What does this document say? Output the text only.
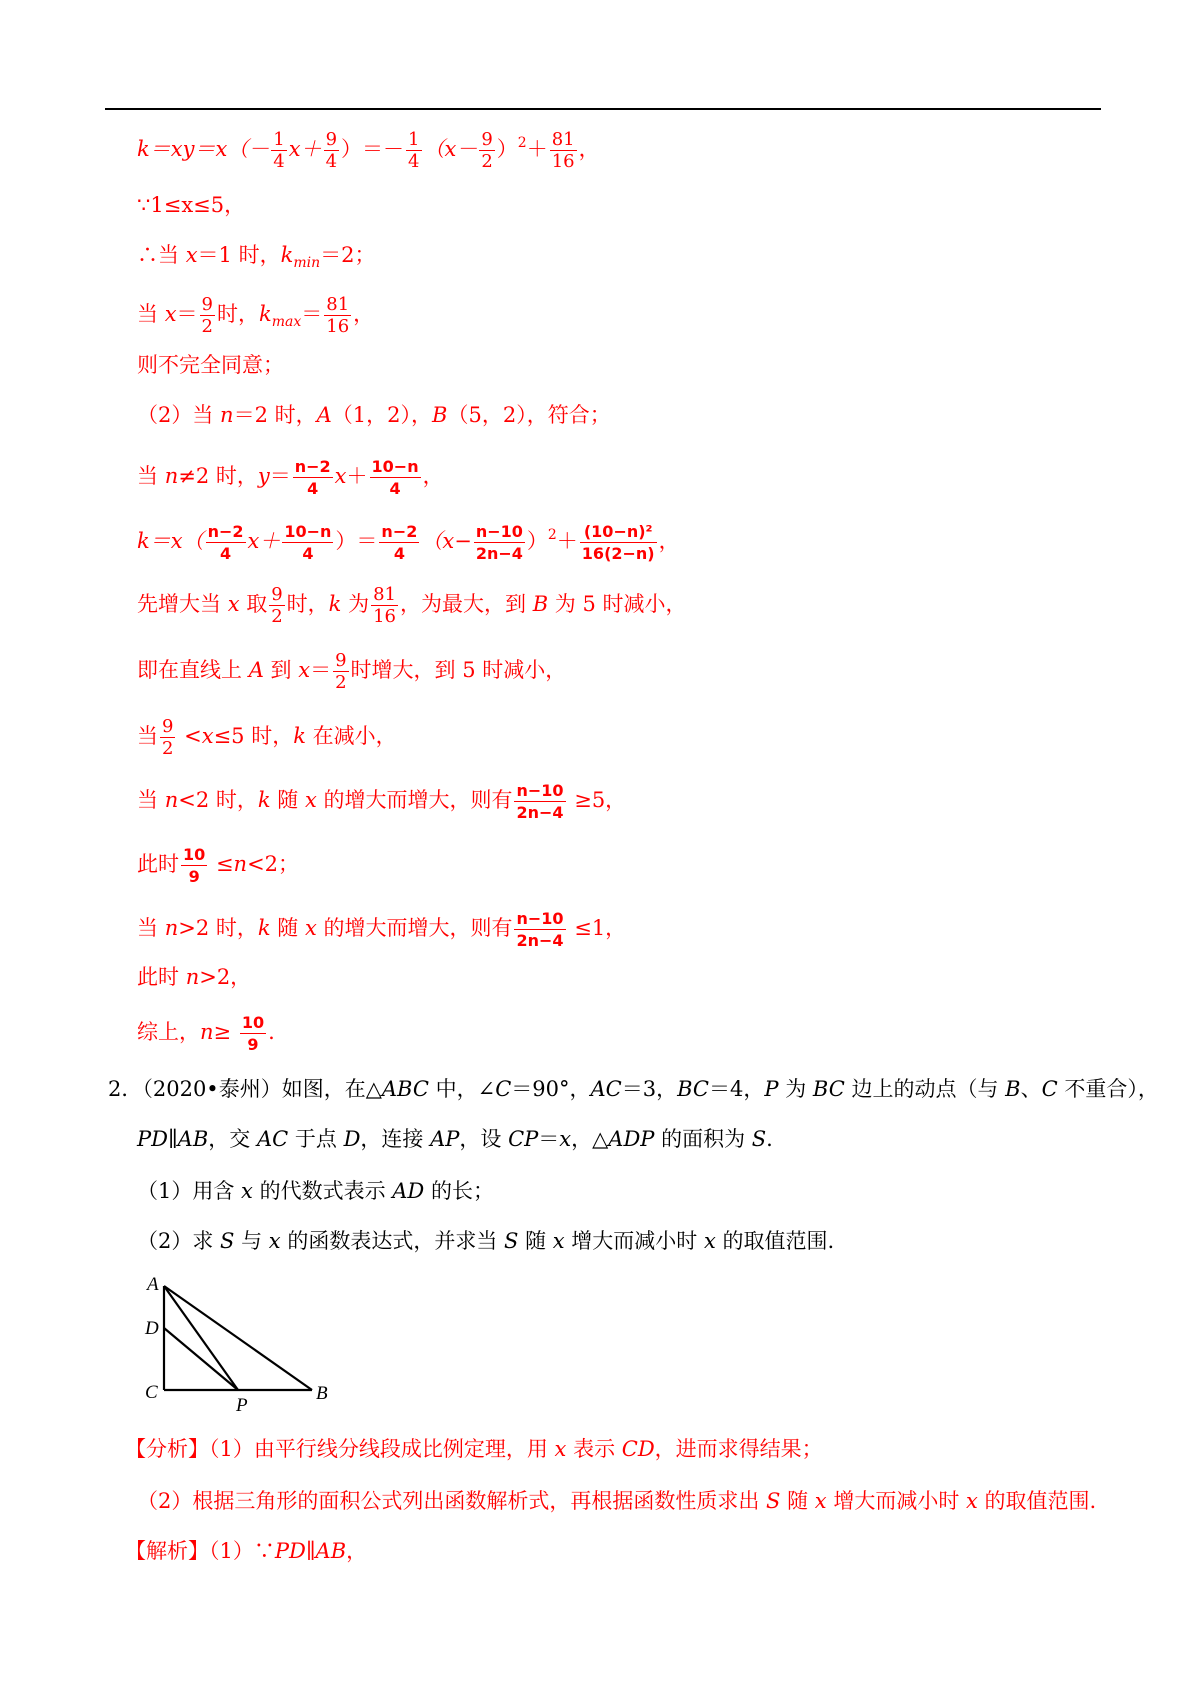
$k=xy=x(- \frac{1}{4} x+ \frac{9}{4}$ ）＝－ $\frac{1}{4} (x- \frac{9}{2} )^2+ \frac{81}{16}$ ，
∵1≤x≤5，
∴当 x＝1 时，$k_{min}=2$；
当 $x= \frac{9}{2}$ 时，$k_{max}= \frac{81}{16}$ ，
则不完全同意；
（2）当 n＝2 时，A（1，2），B（5，2），符合；
当 n≠2 时，$y= \frac{n-2}{4} x+ \frac{10-n}{4}$ ，
$k=x( \frac{n-2}{4} x+ \frac{10-n}{4}$ ）＝ $\frac{n-2}{4} (x- \frac{n-10}{2n-4} )^2+ \frac{\text{(10−n)²}}{16(2-n)}$ ，
先增大当 x 取 $\frac{9}{2}$ 时，k 为 $\frac{81}{16}$ ，为最大，到 B 为 5 时减小，
即在直线上 A 到 $x= \frac{9}{2}$ 时增大，到 5 时减小，
当 $\frac{9}{2} <x\le 5$ 时，k 在减小，
当 n<2 时，k 随 x 的增大而增大，则有 $\frac{n-10}{2n-4} \ge 5$，
此时 $\frac{10}{9} \le n<2$；
当 n>2 时，k 随 x 的增大而增大，则有 $\frac{n-10}{2n-4} \le 1$，
此时 n>2，
综上，$n\ge \frac{10}{9}$ .
2．（2020•泰州）如图，在△ABC 中，∠C＝90°，AC＝3，BC＝4，P 为 BC 边上的动点（与 B、C 不重合），
PD∥AB，交 AC 于点 D，连接 AP，设 CP＝x，△ADP 的面积为 S.
（1）用含 x 的代数式表示 AD 的长；
（2）求 S 与 x 的函数表达式，并求当 S 随 x 增大而减小时 x 的取值范围.
A
D
C
P
B
【分析】（1）由平行线分线段成比例定理，用 x 表示 CD，进而求得结果；
（2）根据三角形的面积公式列出函数解析式，再根据函数性质求出 S 随 x 增大而减小时 x 的取值范围.
【解析】（1）∵PD∥AB，
